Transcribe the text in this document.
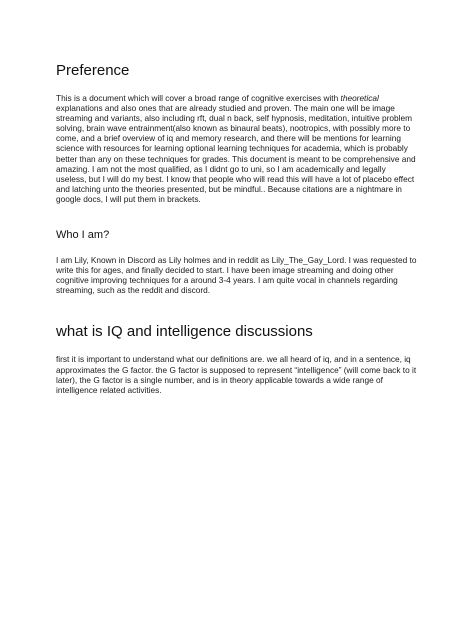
Preference

This is a document which will cover a broad range of cognitive exercises with theoretical explanations and also ones that are already studied and proven. The main one will be image streaming and variants, also including rft, dual n back, self hypnosis, meditation, intuitive problem solving, brain wave entrainment(also known as binaural beats), nootropics, with possibly more to come, and a brief overview of iq and memory research, and there will be mentions for learning science with resources for learning optional learning techniques for academia, which is probably better than any on these techniques for grades. This document is meant to be comprehensive and amazing. I am not the most qualified, as I didnt go to uni, so I am academically and legally useless, but I will do my best. I know that people who will read this will have a lot of placebo effect and latching unto the theories presented, but be mindful.. Because citations are a nightmare in google docs, I will put them in brackets.

Who I am?

I am Lily, Known in Discord as Lily holmes and in reddit as Lily_The_Gay_Lord. I was requested to write this for ages, and finally decided to start. I have been image streaming and doing other cognitive improving techniques for a around 3-4 years. I am quite vocal in channels regarding streaming, such as the reddit and discord.

what is IQ and intelligence discussions

first it is important to understand what our definitions are. we all heard of iq, and in a sentence, iq approximates the G factor. the G factor is supposed to represent “intelligence” (will come back to it later), the G factor is a single number, and is in theory applicable towards a wide range of intelligence related activities.
